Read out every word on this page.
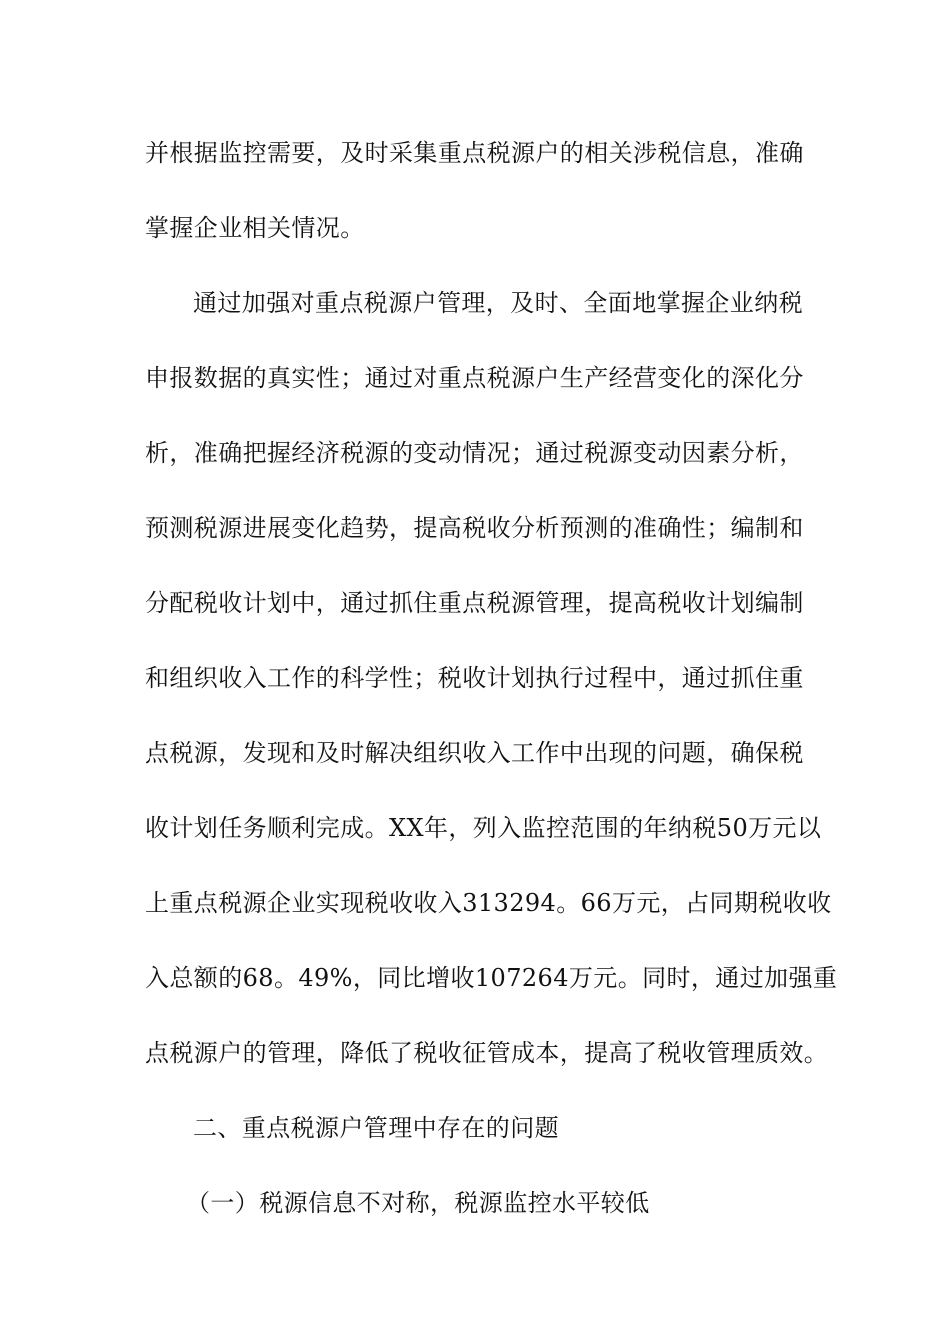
并根据监控需要，及时采集重点税源户的相关涉税信息，准确
掌握企业相关情况。
通过加强对重点税源户管理，及时、全面地掌握企业纳税
申报数据的真实性；通过对重点税源户生产经营变化的深化分
析，准确把握经济税源的变动情况；通过税源变动因素分析，
预测税源进展变化趋势，提高税收分析预测的准确性；编制和
分配税收计划中，通过抓住重点税源管理，提高税收计划编制
和组织收入工作的科学性；税收计划执行过程中，通过抓住重
点税源，发现和及时解决组织收入工作中出现的问题，确保税
收计划任务顺利完成。XX年，列入监控范围的年纳税50万元以
上重点税源企业实现税收收入313294。66万元，占同期税收收
入总额的68。49%，同比增收107264万元。同时，通过加强重
点税源户的管理，降低了税收征管成本，提高了税收管理质效。
二、重点税源户管理中存在的问题
（一）税源信息不对称，税源监控水平较低
